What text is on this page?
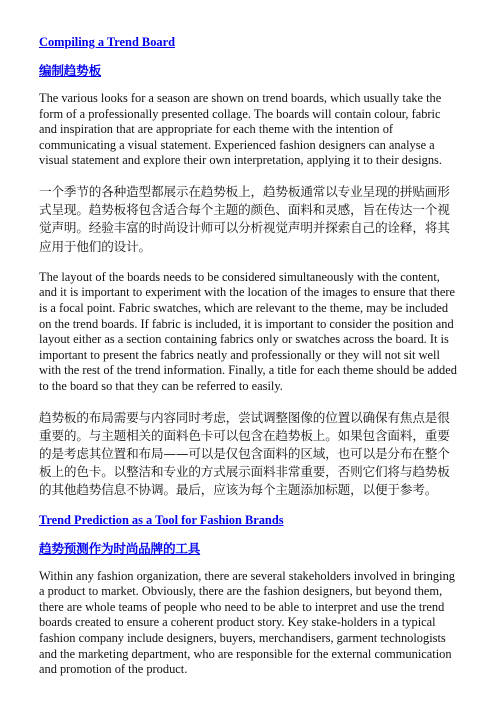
Compiling a Trend Board
编制趋势板

The various looks for a season are shown on trend boards, which usually take the form of a professionally presented collage. The boards will contain colour, fabric and inspiration that are appropriate for each theme with the intention of communicating a visual statement. Experienced fashion designers can analyse a visual statement and explore their own interpretation, applying it to their designs.

一个季节的各种造型都展示在趋势板上，趋势板通常以专业呈现的拼贴画形式呈现。趋势板将包含适合每个主题的颜色、面料和灵感，旨在传达一个视觉声明。经验丰富的时尚设计师可以分析视觉声明并探索自己的诠释，将其应用于他们的设计。

The layout of the boards needs to be considered simultaneously with the content, and it is important to experiment with the location of the images to ensure that there is a focal point. Fabric swatches, which are relevant to the theme, may be included on the trend boards. If fabric is included, it is important to consider the position and layout either as a section containing fabrics only or swatches across the board. It is important to present the fabrics neatly and professionally or they will not sit well with the rest of the trend information. Finally, a title for each theme should be added to the board so that they can be referred to easily.

趋势板的布局需要与内容同时考虑，尝试调整图像的位置以确保有焦点是很重要的。与主题相关的面料色卡可以包含在趋势板上。如果包含面料，重要的是考虑其位置和布局——可以是仅包含面料的区域，也可以是分布在整个板上的色卡。以整洁和专业的方式展示面料非常重要，否则它们将与趋势板的其他趋势信息不协调。最后，应该为每个主题添加标题，以便于参考。

Trend Prediction as a Tool for Fashion Brands
趋势预测作为时尚品牌的工具

Within any fashion organization, there are several stakeholders involved in bringing a product to market. Obviously, there are the fashion designers, but beyond them, there are whole teams of people who need to be able to interpret and use the trend boards created to ensure a coherent product story. Key stake-holders in a typical fashion company include designers, buyers, merchandisers, garment technologists and the marketing department, who are responsible for the external communication and promotion of the product.
